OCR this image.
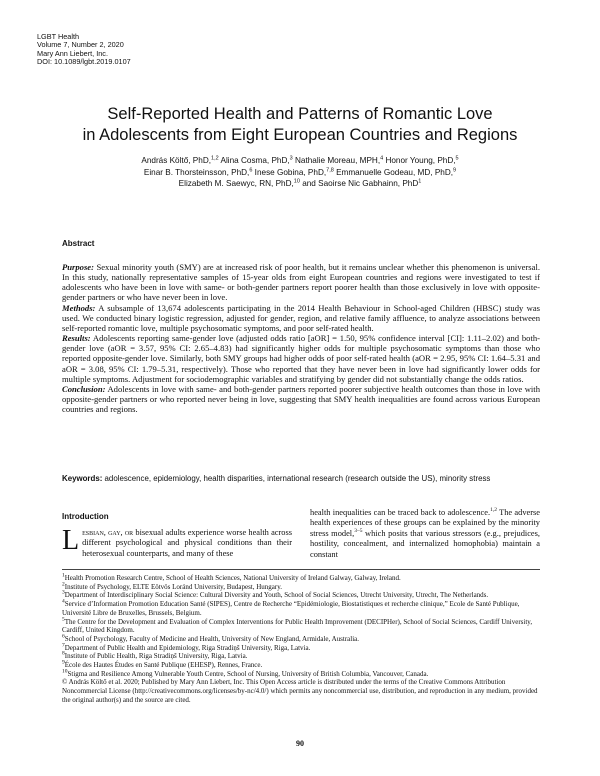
LGBT Health
Volume 7, Number 2, 2020
Mary Ann Liebert, Inc.
DOI: 10.1089/lgbt.2019.0107
Self-Reported Health and Patterns of Romantic Love
in Adolescents from Eight European Countries and Regions
András Költő, PhD,$^{1,2}$ Alina Cosma, PhD,$^3$ Nathalie Moreau, MPH,$^4$ Honor Young, PhD,$^5$
Einar B. Thorsteinsson, PhD,$^6$ Inese Gobina, PhD,$^{7,8}$ Emmanuelle Godeau, MD, PhD,$^9$
Elizabeth M. Saewyc, RN, PhD,$^{10}$ and Saoirse Nic Gabhainn, PhD$^1$
Abstract

Purpose: Sexual minority youth (SMY) are at increased risk of poor health, but it remains unclear whether this phenomenon is universal. In this study, nationally representative samples of 15-year olds from eight European countries and regions were investigated to test if adolescents who have been in love with same- or both-gender partners report poorer health than those exclusively in love with opposite-gender partners or who have never been in love.

Methods: A subsample of 13,674 adolescents participating in the 2014 Health Behaviour in School-aged Children (HBSC) study was used. We conducted binary logistic regression, adjusted for gender, region, and relative family affluence, to analyze associations between self-reported romantic love, multiple psychosomatic symptoms, and poor self-rated health.

Results: Adolescents reporting same-gender love (adjusted odds ratio [aOR] = 1.50, 95% confidence interval [CI]: 1.11–2.02) and both-gender love (aOR = 3.57, 95% CI: 2.65–4.83) had significantly higher odds for multiple psychosomatic symptoms than those who reported opposite-gender love. Similarly, both SMY groups had higher odds of poor self-rated health (aOR = 2.95, 95% CI: 1.64–5.31 and aOR = 3.08, 95% CI: 1.79–5.31, respectively). Those who reported that they have never been in love had significantly lower odds for multiple symptoms. Adjustment for sociodemographic variables and stratifying by gender did not substantially change the odds ratios.

Conclusion: Adolescents in love with same- and both-gender partners reported poorer subjective health outcomes than those in love with opposite-gender partners or who reported never being in love, suggesting that SMY health inequalities are found across various European countries and regions.

Keywords: adolescence, epidemiology, health disparities, international research (research outside the US), minority stress
Introduction
Lesbian, gay, or bisexual adults experience worse health across different psychological and physical conditions than their heterosexual counterparts, and many of these
health inequalities can be traced back to adolescence.$^{1,2}$ The adverse health experiences of these groups can be explained by the minority stress model,$^{3-5}$ which posits that various stressors (e.g., prejudices, hostility, concealment, and internalized homophobia) maintain a constant

$^1$Health Promotion Research Centre, School of Health Sciences, National University of Ireland Galway, Galway, Ireland.

$^2$Institute of Psychology, ELTE Eötvös Loránd University, Budapest, Hungary.

$^3$Department of Interdisciplinary Social Science: Cultural Diversity and Youth, School of Social Sciences, Utrecht University, Utrecht, The Netherlands.

$^4$Service d’Information Promotion Education Santé (SIPES), Centre de Recherche “Epidémiologie, Biostatistiques et recherche clinique,” Ecole de Santé Publique, Université Libre de Bruxelles, Brussels, Belgium.

$^5$The Centre for the Development and Evaluation of Complex Interventions for Public Health Improvement (DECIPHer), School of Social Sciences, Cardiff University, Cardiff, United Kingdom.

$^6$School of Psychology, Faculty of Medicine and Health, University of New England, Armidale, Australia.

$^7$Department of Public Health and Epidemiology, Riga Stradiņš University, Riga, Latvia.

$^8$Institute of Public Health, Riga Stradiņš University, Riga, Latvia.

$^9$École des Hautes Études en Santé Publique (EHESP), Rennes, France.

$^{10}$Stigma and Resilience Among Vulnerable Youth Centre, School of Nursing, University of British Columbia, Vancouver, Canada.

© András Költő et al. 2020; Published by Mary Ann Liebert, Inc. This Open Access article is distributed under the terms of the Creative Commons Attribution Noncommercial License (http://creativecommons.org/licenses/by-nc/4.0/) which permits any noncommercial use, distribution, and reproduction in any medium, provided the original author(s) and the source are cited.

90
